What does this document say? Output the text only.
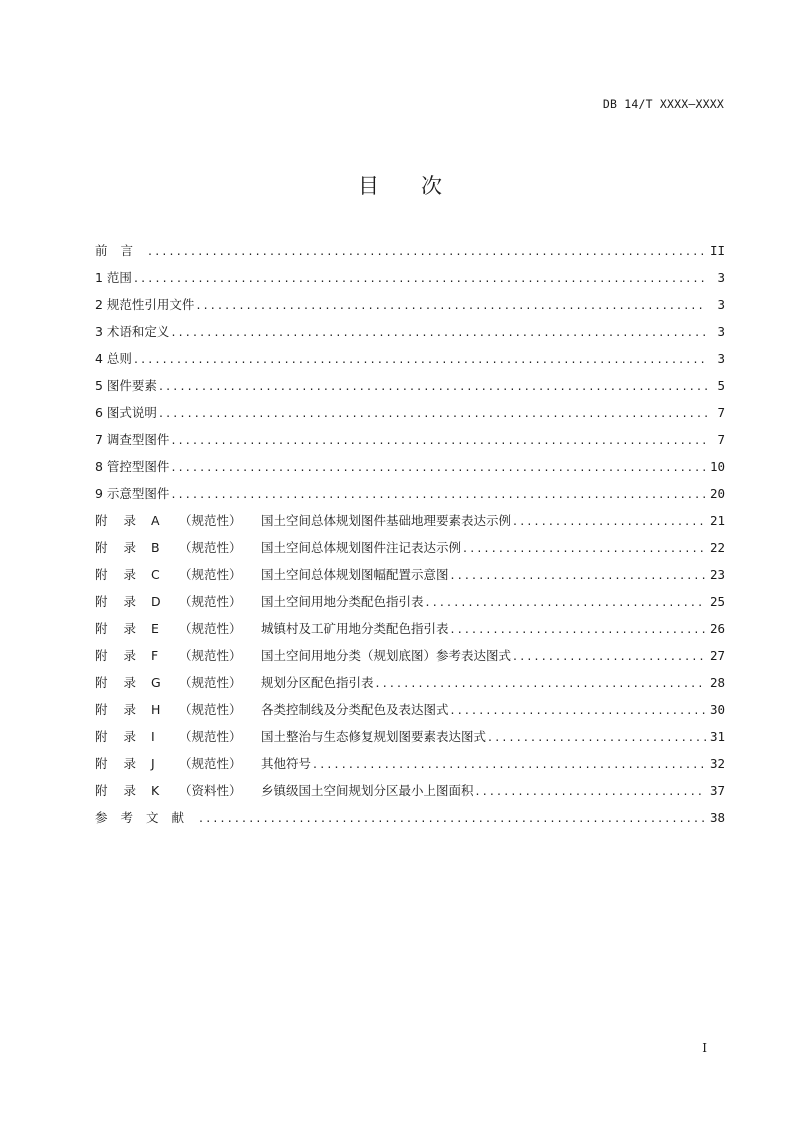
DB 14/T XXXX—XXXX
目次
前言 .....	II
1 范围 .....	3
2 规范性引用文件 .....	3
3 术语和定义 .....	3
4 总则 .....	3
5 图件要素 .....	5
6 图式说明 .....	7
7 调查型图件 .....	7
8 管控型图件 .....	10
9 示意型图件 .....	20
附录A （规范性） 国土空间总体规划图件基础地理要素表达示例 .....	21
附录B （规范性） 国土空间总体规划图件注记表达示例 .....	22
附录C （规范性） 国土空间总体规划图幅配置示意图 .....	23
附录D （规范性） 国土空间用地分类配色指引表 .....	25
附录E （规范性） 城镇村及工矿用地分类配色指引表 .....	26
附录F （规范性） 国土空间用地分类（规划底图）参考表达图式 .....	27
附录G （规范性） 规划分区配色指引表 .....	28
附录H （规范性） 各类控制线及分类配色及表达图式 .....	30
附录I （规范性） 国土整治与生态修复规划图要素表达图式 .....	31
附录J （规范性） 其他符号 .....	32
附录K （资料性） 乡镇级国土空间规划分区最小上图面积 .....	37
参考文献 .....	38
I
